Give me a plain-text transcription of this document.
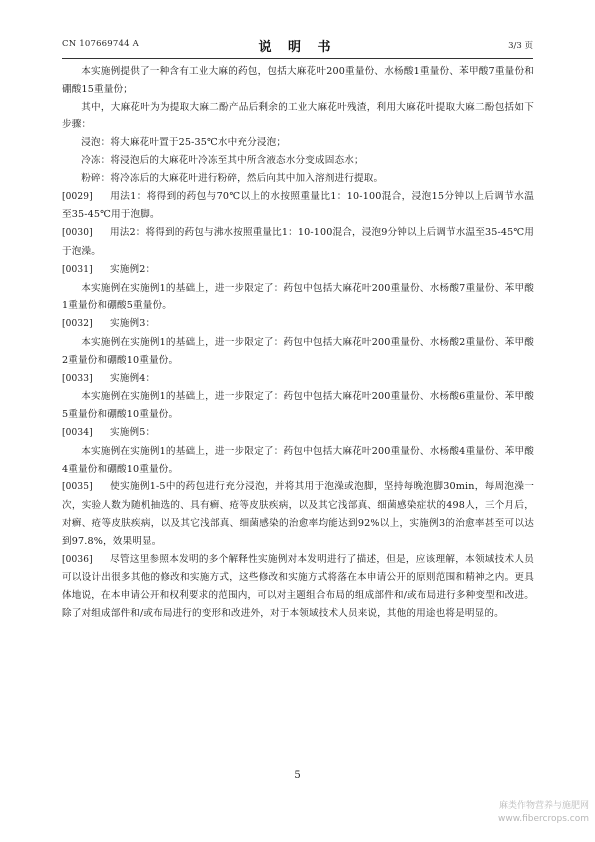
CN 107669744 A	说 明 书	3/3 页

本实施例提供了一种含有工业大麻的药包，包括大麻花叶200重量份、水杨酸1重量份、苯甲酸7重量份和硼酸15重量份；

其中，大麻花叶为为提取大麻二酚产品后剩余的工业大麻花叶残渣，利用大麻花叶提取大麻二酚包括如下步骤：

浸泡：将大麻花叶置于25-35℃水中充分浸泡；

冷冻：将浸泡后的大麻花叶冷冻至其中所含液态水分变成固态水；

粉碎：将冷冻后的大麻花叶进行粉碎，然后向其中加入溶剂进行提取。

[0029] 用法1：将得到的药包与70℃以上的水按照重量比1：10-100混合，浸泡15分钟以上后调节水温至35-45℃用于泡脚。

[0030] 用法2：将得到的药包与沸水按照重量比1：10-100混合，浸泡9分钟以上后调节水温至35-45℃用于泡澡。

[0031] 实施例2：

本实施例在实施例1的基础上，进一步限定了：药包中包括大麻花叶200重量份、水杨酸7重量份、苯甲酸1重量份和硼酸5重量份。

[0032] 实施例3：

本实施例在实施例1的基础上，进一步限定了：药包中包括大麻花叶200重量份、水杨酸2重量份、苯甲酸2重量份和硼酸10重量份。

[0033] 实施例4：

本实施例在实施例1的基础上，进一步限定了：药包中包括大麻花叶200重量份、水杨酸6重量份、苯甲酸5重量份和硼酸10重量份。

[0034] 实施例5：

本实施例在实施例1的基础上，进一步限定了：药包中包括大麻花叶200重量份、水杨酸4重量份、苯甲酸4重量份和硼酸10重量份。

[0035] 使实施例1-5中的药包进行充分浸泡，并将其用于泡澡或泡脚，坚持每晚泡脚30min，每周泡澡一次，实验人数为随机抽选的、具有癣、疮等皮肤疾病，以及其它浅部真、细菌感染症状的498人，三个月后，对癣、疮等皮肤疾病，以及其它浅部真、细菌感染的治愈率均能达到92%以上，实施例3的治愈率甚至可以达到97.8%，效果明显。

[0036] 尽管这里参照本发明的多个解释性实施例对本发明进行了描述，但是，应该理解，本领域技术人员可以设计出很多其他的修改和实施方式，这些修改和实施方式将落在本申请公开的原则范围和精神之内。更具体地说，在本申请公开和权利要求的范围内，可以对主题组合布局的组成部件和/或布局进行多种变型和改进。除了对组成部件和/或布局进行的变形和改进外，对于本领域技术人员来说，其他的用途也将是明显的。

5
麻类作物营养与施肥网
www.fibercrops.com
